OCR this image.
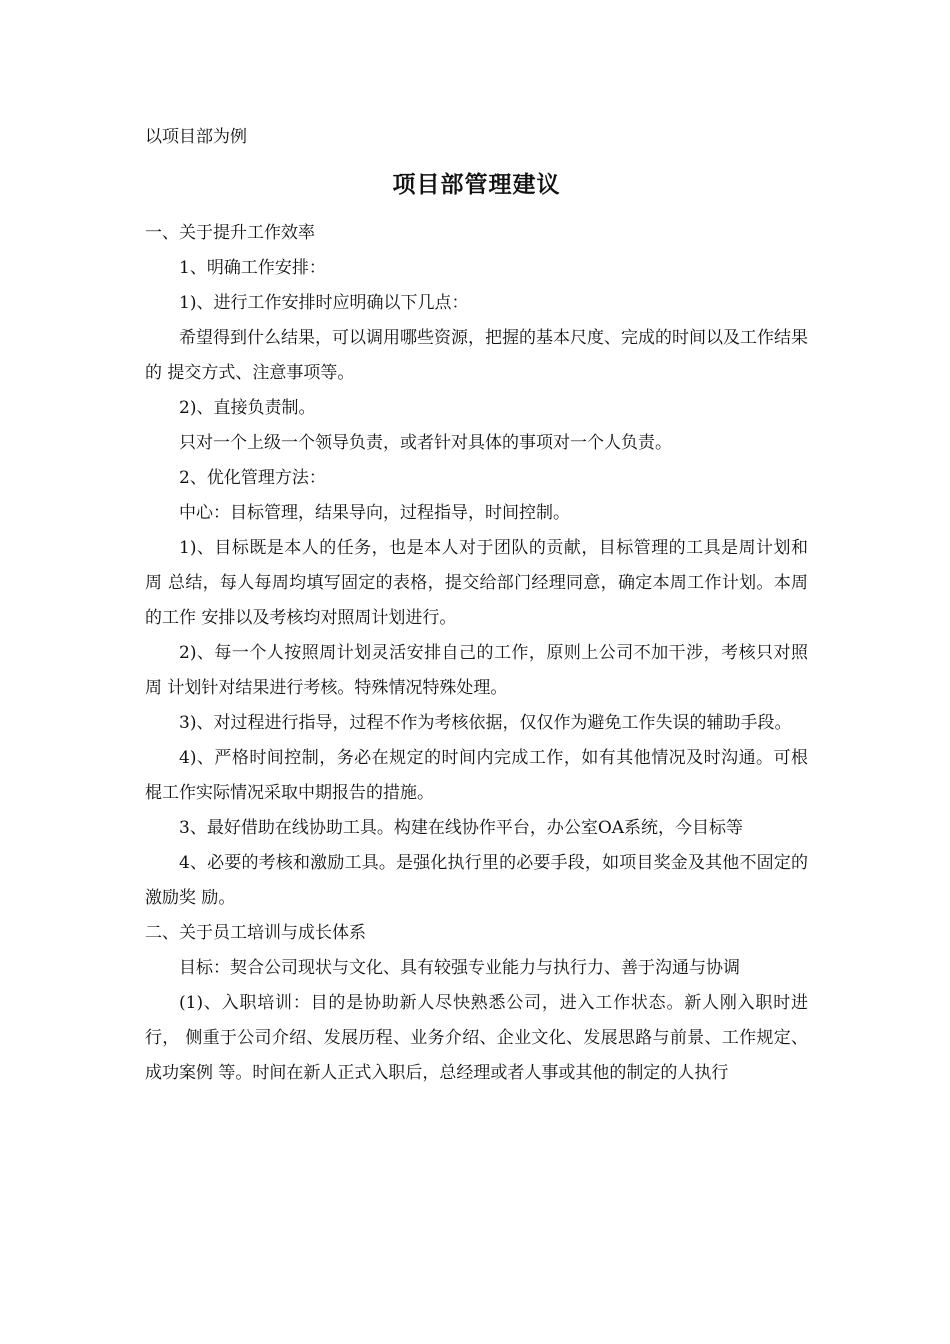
以项目部为例

项目部管理建议

一、关于提升工作效率

1、明确工作安排：

1)、进行工作安排时应明确以下几点：

希望得到什么结果，可以调用哪些资源，把握的基本尺度、完成的时间以及工作结果的 提交方式、注意事项等。

2)、直接负责制。

只对一个上级一个领导负责，或者针对具体的事项对一个人负责。

2、优化管理方法：

中心：目标管理，结果导向，过程指导，时间控制。

1)、目标既是本人的任务，也是本人对于团队的贡献，目标管理的工具是周计划和周 总结，每人每周均填写固定的表格，提交给部门经理同意，确定本周工作计划。本周的工作 安排以及考核均对照周计划进行。

2)、每一个人按照周计划灵活安排自己的工作，原则上公司不加干涉，考核只对照周 计划针对结果进行考核。特殊情况特殊处理。

3)、对过程进行指导，过程不作为考核依据，仅仅作为避免工作失误的辅助手段。

4)、严格时间控制，务必在规定的时间内完成工作，如有其他情况及时沟通。可根棍工作实际情况采取中期报告的措施。

3、最好借助在线协助工具。构建在线协作平台，办公室OA系统，今目标等

4、必要的考核和激励工具。是强化执行里的必要手段，如项目奖金及其他不固定的激励奖 励。

二、关于员工培训与成长体系

目标：契合公司现状与文化、具有较强专业能力与执行力、善于沟通与协调

(1)、入职培训：目的是协助新人尽快熟悉公司，进入工作状态。新人刚入职时进行， 侧重于公司介绍、发展历程、业务介绍、企业文化、发展思路与前景、工作规定、成功案例 等。时间在新人正式入职后，总经理或者人事或其他的制定的人执行
